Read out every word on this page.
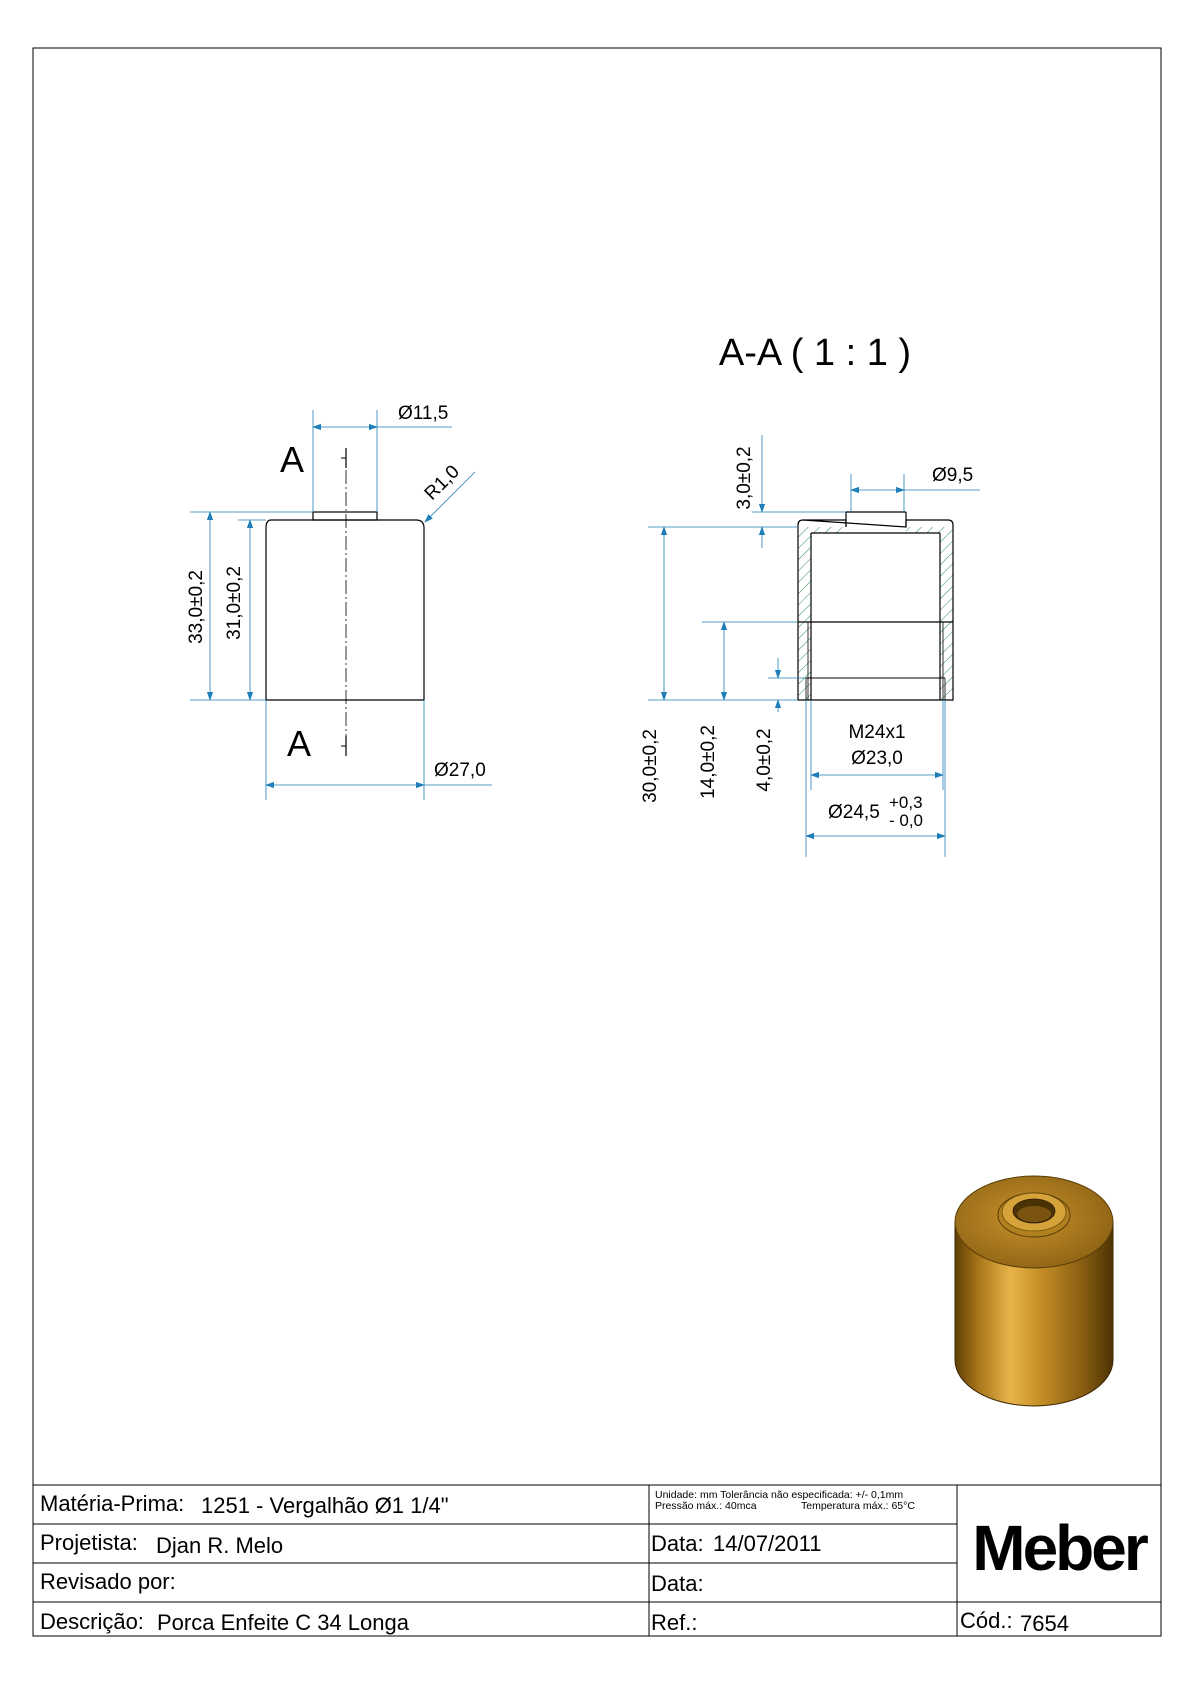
A-A ( 1 : 1 )
A
A
Ø11,5
R1,0
33,0±0,2 31,0±0,2
Ø27,0
3,0±0,2	Ø9,5
30,0±0,2 14,0±0,2 4,0±0,2	M24x1
Ø23,0
Ø24,5 +0,3
- 0,0
Matéria-Prima: 1251 - Vergalhão Ø1 1/4"
Projetista: Djan R. Melo
Revisado por:
Descrição: Porca Enfeite C 34 Longa
Unidade: mm Tolerância não especificada: +/- 0,1mm
Pressão máx.: 40mca	Temperatura máx.: 65°C
Data: 14/07/2011
Data:
Ref.:
Meber
Cód.: 7654
